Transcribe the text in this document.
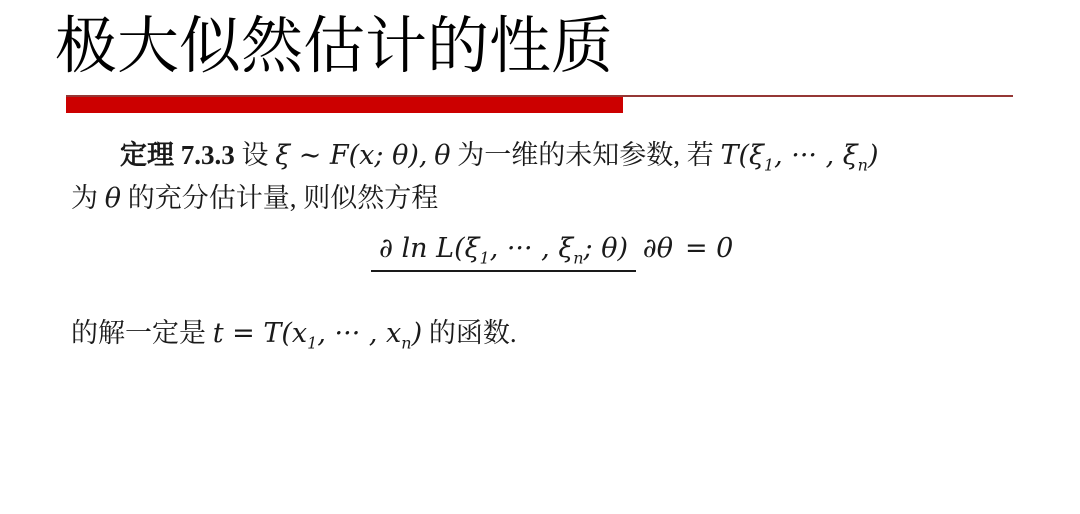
极大似然估计的性质
定理 7.3.3 设 ξ ∼ F(x; θ), θ 为一维的未知参数, 若 $T(\xi_1$, ··· , $\xi_n$)
为 θ 的充分估计量, 则似然方程
∂ $\ln L(\xi_1$, ··· , $\xi_n$; θ) ∂θ = 0
的解一定是 $t = T(x_1$, ··· , $x_n$) 的函数.
